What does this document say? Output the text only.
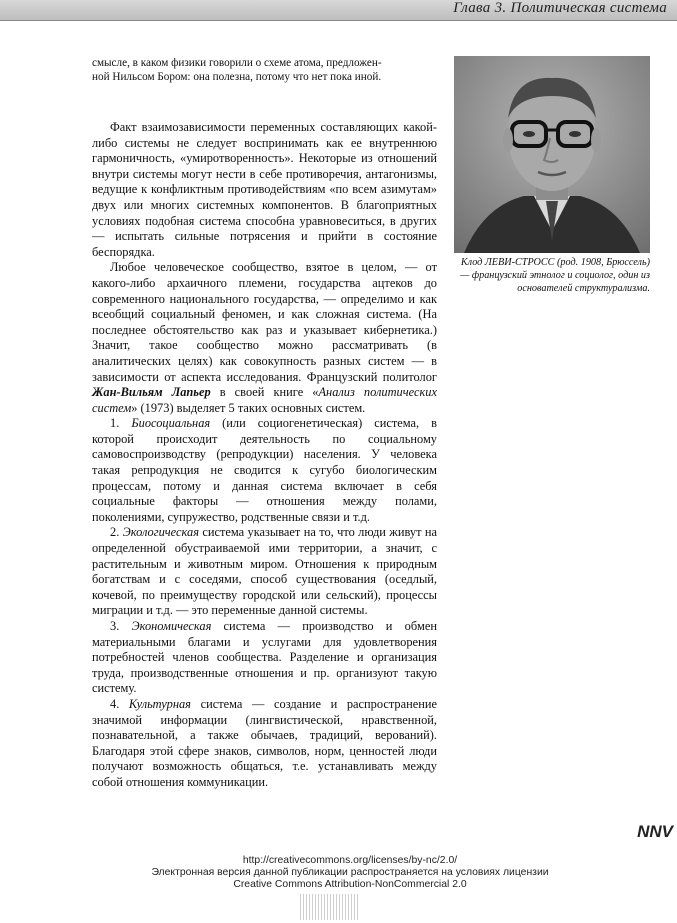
Глава 3. Политическая система
смысле, в каком физики говорили о схеме атома, предложен-
ной Нильсом Бором: она полезна, потому что нет пока иной.

Факт взаимозависимости переменных составляющих какой-либо системы не следует воспринимать как ее внутреннюю гармоничность, «умиротворенность». Некоторые из отношений внутри системы могут нести в себе противоречия, антагонизмы, ведущие к конфликтным противодействиям «по всем азимутам» двух или многих системных компонентов. В благоприятных условиях подобная система способна уравновеситься, в других — испытать сильные потрясения и прийти в состояние беспорядка.

Любое человеческое сообщество, взятое в целом, — от какого-либо архаичного племени, государства ацтеков до современного национального государства, — определимо и как всеобщий социальный феномен, и как сложная система. (На последнее обстоятельство как раз и указывает кибернетика.) Значит, такое сообщество можно рассматривать (в аналитических целях) как совокупность разных систем — в зависимости от аспекта исследования. Французский политолог Жан-Вильям Лапьер в своей книге «Анализ политических систем» (1973) выделяет 5 таких основных систем.

1. Биосоциальная (или социогенетическая) система, в которой происходит деятельность по социальному самовоспроизводству (репродукции) населения. У человека такая репродукция не сводится к сугубо биологическим процессам, потому и данная система включает в себя социальные факторы — отношения между полами, поколениями, супружество, родственные связи и т.д.

2. Экологическая система указывает на то, что люди живут на определенной обустраиваемой ими территории, а значит, с растительным и животным миром. Отношения к природным богатствам и с соседями, способ существования (оседлый, кочевой, по преимуществу городской или сельский), процессы миграции и т.д. — это переменные данной системы.

3. Экономическая система — производство и обмен материальными благами и услугами для удовлетворения потребностей членов сообщества. Разделение и организация труда, производственные отношения и пр. организуют такую систему.

4. Культурная система — создание и распространение значимой информации (лингвистической, нравственной, познавательной, а также обычаев, традиций, верований). Благодаря этой сфере знаков, символов, норм, ценностей люди получают возможность общаться, т.е. устанавливать между собой отношения коммуникации.

Клод ЛЕВИ-СТРОСС (род. 1908, Брюссель) — французский этнолог и социолог, один из основателей структурализма.
NNV
http://creativecommons.org/licenses/by-nc/2.0/
Электронная версия данной публикации распространяется на условиях лицензии
Creative Commons Attribution-NonCommercial 2.0
